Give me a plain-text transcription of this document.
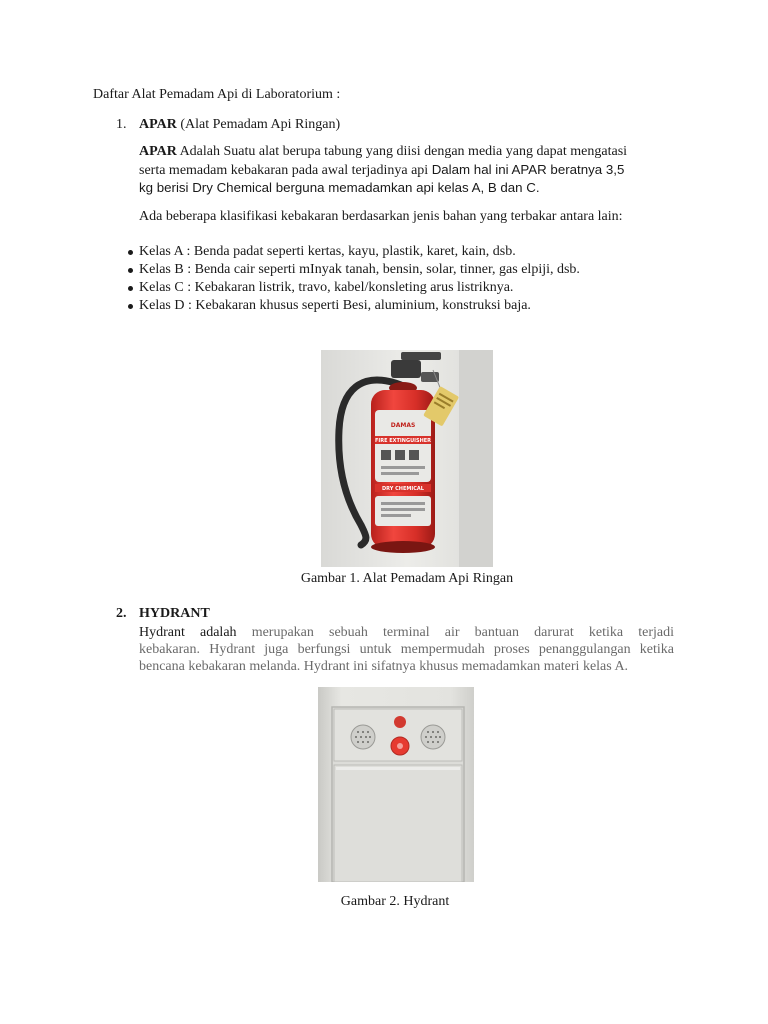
Daftar Alat Pemadam Api di Laboratorium :
1. APAR (Alat Pemadam Api Ringan)
APAR Adalah Suatu alat berupa tabung yang diisi dengan media yang dapat mengatasi
serta memadam kebakaran pada awal terjadinya api Dalam hal ini APAR beratnya 3,5
kg berisi Dry Chemical berguna memadamkan api kelas A, B dan C.
Ada beberapa klasifikasi kebakaran berdasarkan jenis bahan yang terbakar antara lain:
Kelas A : Benda padat seperti kertas, kayu, plastik, karet, kain, dsb.
Kelas B : Benda cair seperti mInyak tanah, bensin, solar, tinner, gas elpiji, dsb.
Kelas C : Kebakaran listrik, travo, kabel/konsleting arus listriknya.
Kelas D : Kebakaran khusus seperti Besi, aluminium, konstruksi baja.
DAMAS
FIRE EXTINGUISHER
DRY CHEMICAL
Gambar 1. Alat Pemadam Api Ringan
2. HYDRANT
Hydrant adalah merupakan sebuah terminal air bantuan darurat ketika terjadi
kebakaran. Hydrant juga berfungsi untuk mempermudah proses penanggulangan ketika
bencana kebakaran melanda. Hydrant ini sifatnya khusus memadamkan materi kelas A.
Gambar 2. Hydrant
